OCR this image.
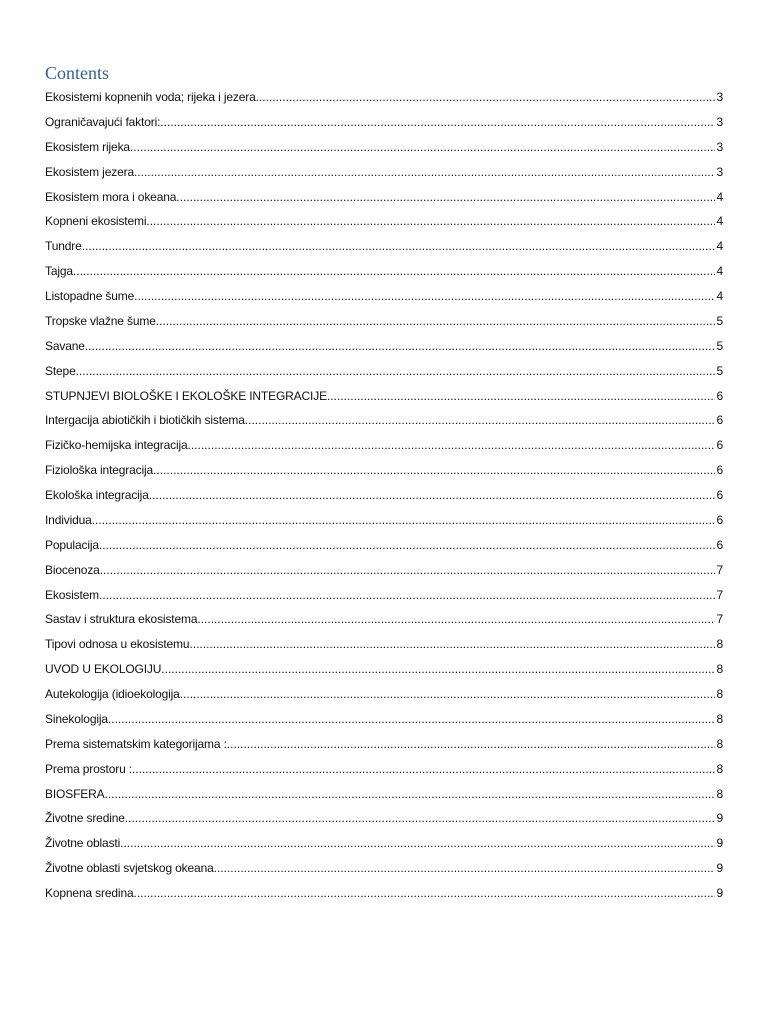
Contents
Ekosistemi kopnenih voda; rijeka i jezera .....	3
Ograničavajući faktori: .....	3
Ekosistem rijeka .....	3
Ekosistem jezera .....	3
Ekosistem mora i okeana .....	4
Kopneni ekosistemi .....	4
Tundre .....	4
Tajga .....	4
Listopadne šume .....	4
Tropske vlažne šume .....	5
Savane .....	5
Stepe .....	5
STUPNJEVI BIOLOŠKE I EKOLOŠKE INTEGRACIJE .....	6
Intergacija abiotičkih i biotičkih sistema .....	6
Fizičko-hemijska integracija .....	6
Fiziološka integracija .....	6
Ekološka integracija .....	6
Individua .....	6
Populacija .....	6
Biocenoza .....	7
Ekosistem .....	7
Sastav i struktura ekosistema .....	7
Tipovi odnosa u ekosistemu .....	8
UVOD U EKOLOGIJU .....	8
Autekologija (idioekologija .....	8
Sinekologija .....	8
Prema sistematskim kategorijama : .....	8
Prema prostoru : .....	8
BIOSFERA .....	8
Životne sredine .....	9
Životne oblasti .....	9
Životne oblasti svjetskog okeana .....	9
Kopnena sredina .....	9
